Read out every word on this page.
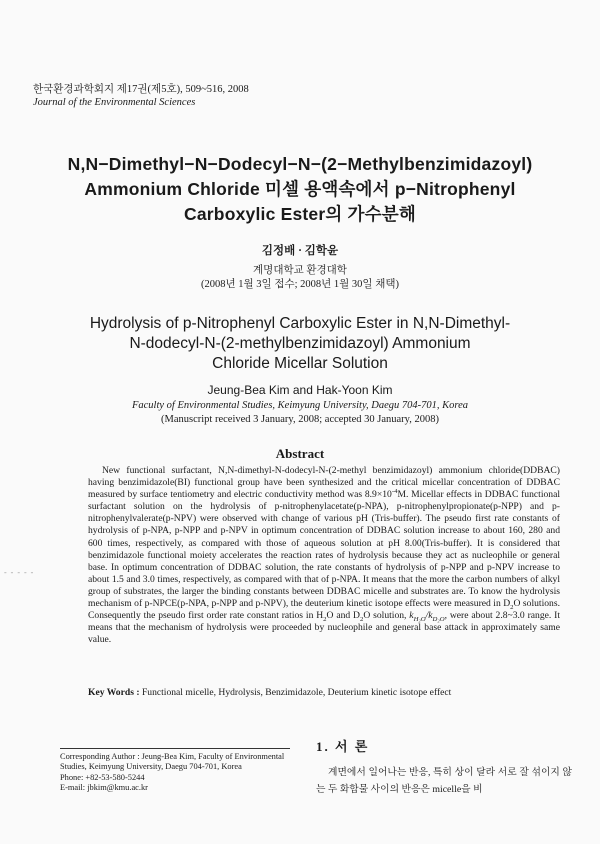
한국환경과학회지 제17권(제5호), 509~516, 2008
Journal of the Environmental Sciences
N,N−Dimethyl−N−Dodecyl−N−(2−Methylbenzimidazoyl)
Ammonium Chloride 미셀 용액속에서 p−Nitrophenyl
Carboxylic Ester의 가수분해
김정배 · 김학윤
계명대학교 환경대학
(2008년 1월 3일 접수; 2008년 1월 30일 채택)
Hydrolysis of p-Nitrophenyl Carboxylic Ester in N,N-Dimethyl-
N-dodecyl-N-(2-methylbenzimidazoyl) Ammonium
Chloride Micellar Solution
Jeung-Bea Kim and Hak-Yoon Kim
Faculty of Environmental Studies, Keimyung University, Daegu 704-701, Korea
(Manuscript received 3 January, 2008; accepted 30 January, 2008)
Abstract

New functional surfactant, N,N-dimethyl-N-dodecyl-N-(2-methyl benzimidazoyl) ammonium chloride(DDBAC) having benzimidazole(BI) functional group have been synthesized and the critical micellar concentration of DDBAC measured by surface tentiometry and electric conductivity method was $8.9\times 10^{-4}M$. Micellar effects in DDBAC functional surfactant solution on the hydrolysis of p-nitrophenylacetate(p-NPA), p-nitrophenylpropionate(p-NPP) and p-nitrophenylvalerate(p-NPV) were observed with change of various pH (Tris-buffer). The pseudo first rate constants of hydrolysis of p-NPA, p-NPP and p-NPV in optimum concentration of DDBAC solution increase to about 160, 280 and 600 times, respectively, as compared with those of aqueous solution at pH 8.00(Tris-buffer). It is considered that benzimidazole functional moiety accelerates the reaction rates of hydrolysis because they act as nucleophile or general base. In optimum concentration of DDBAC solution, the rate constants of hydrolysis of p-NPP and p-NPV increase to about 1.5 and 3.0 times, respectively, as compared with that of p-NPA. It means that the more the carbon numbers of alkyl group of substrates, the larger the binding constants between DDBAC micelle and substrates are. To know the hydrolysis mechanism of p-NPCE(p-NPA, p-NPP and p-NPV), the deuterium kinetic isotope effects were measured in $D_2O$ solutions. Consequently the pseudo first order rate constant ratios in $H_2O$ and $D_2O$ solution, $k_{H_2O}/k_{D_2O}$, were about 2.8~3.0 range. It means that the mechanism of hydrolysis were proceeded by nucleophile and general base attack in approximately same value.

Key Words : Functional micelle, Hydrolysis, Benzimidazole, Deuterium kinetic isotope effect
Corresponding Author : Jeung-Bea Kim, Faculty of Environmental Studies, Keimyung University, Daegu 704-701, Korea
Phone: +82-53-580-5244
E-mail: jbkim@kmu.ac.kr
1. 서 론

계면에서 일어나는 반응, 특히 상이 달라 서로 잘 섞이지 않는 두 화합물 사이의 반응은 micelle을 비

- - - - -
